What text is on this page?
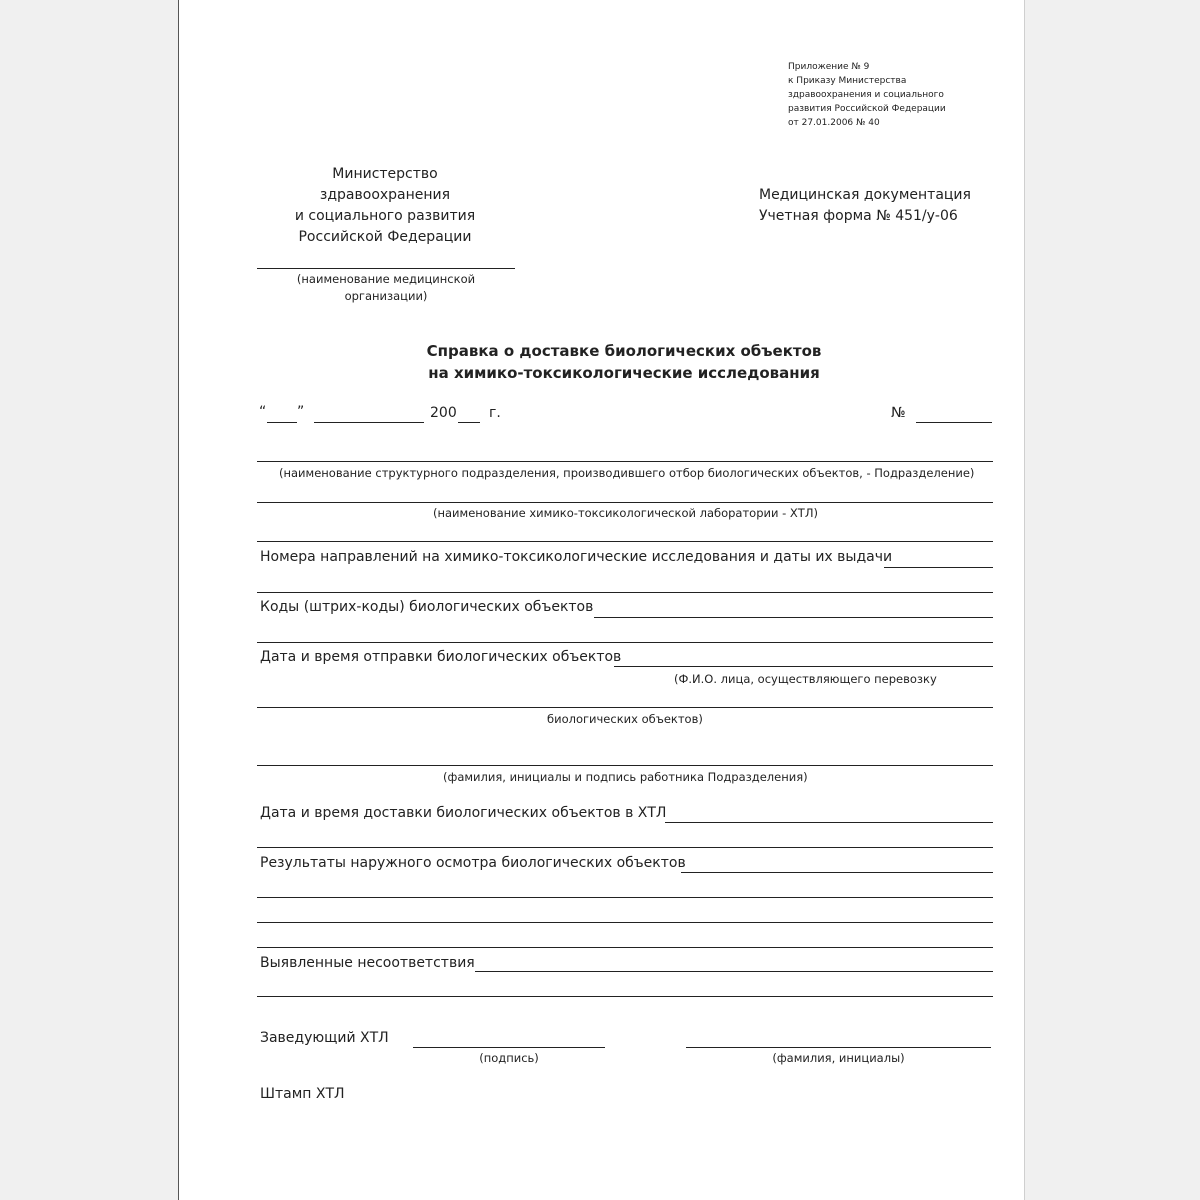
Приложение № 9
к Приказу Министерства
здравоохранения и социального
развития Российской Федерации
от 27.01.2006 № 40
Министерство
здравоохранения
и социального развития
Российской Федерации
(наименование медицинской
организации)
Медицинская документация
Учетная форма № 451/у-06
Справка о доставке биологических объектов
на химико-токсикологические исследования
“ ”	200 г.	№
(наименование структурного подразделения, производившего отбор биологических объектов, - Подразделение)
(наименование химико-токсикологической лаборатории - ХТЛ)
Номера направлений на химико-токсикологические исследования и даты их выдачи
Коды (штрих-коды) биологических объектов
Дата и время отправки биологических объектов
(Ф.И.О. лица, осуществляющего перевозку
биологических объектов)
(фамилия, инициалы и подпись работника Подразделения)
Дата и время доставки биологических объектов в ХТЛ
Результаты наружного осмотра биологических объектов
Выявленные несоответствия
Заведующий ХТЛ
(подпись)	(фамилия, инициалы)
Штамп ХТЛ
